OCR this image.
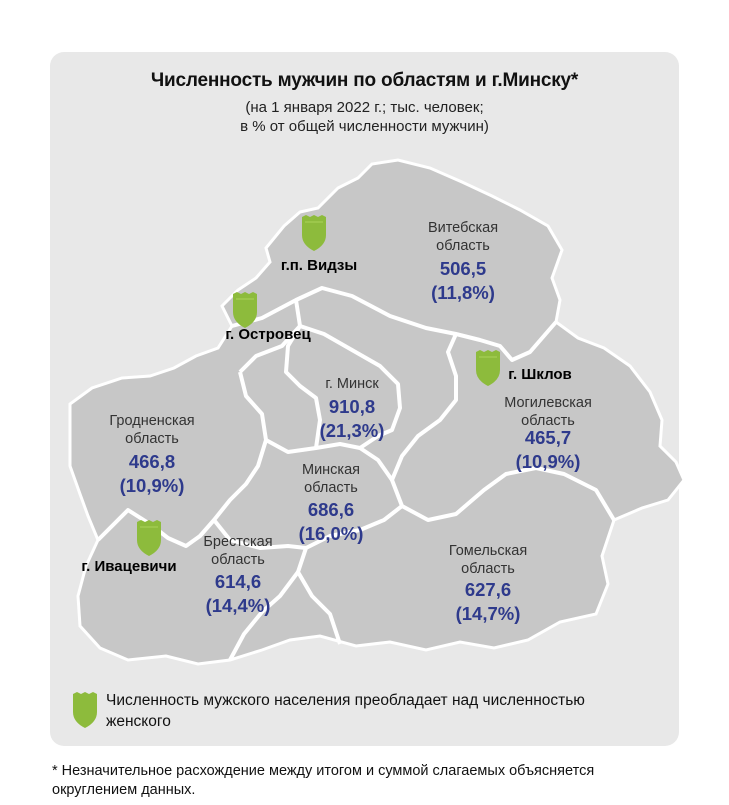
Численность мужчин по областям и г.Минску*
(на 1 января 2022 г.; тыс. человек;
в % от общей численности мужчин)
г.п. Видзы
г. Островец
г. Шклов
г. Ивацевичи
Витебская
область
506,5
(11,8%)
г. Минск
910,8
(21,3%)
Гродненская
область
466,8
(10,9%)
Могилевская
область
465,7
(10,9%)
Минская
область
686,6
(16,0%)
Брестская
область
614,6
(14,4%)
Гомельская
область
627,6
(14,7%)
Численность мужского населения преобладает над численностью женского
* Незначительное расхождение между итогом и суммой слагаемых объясняется округлением данных.
